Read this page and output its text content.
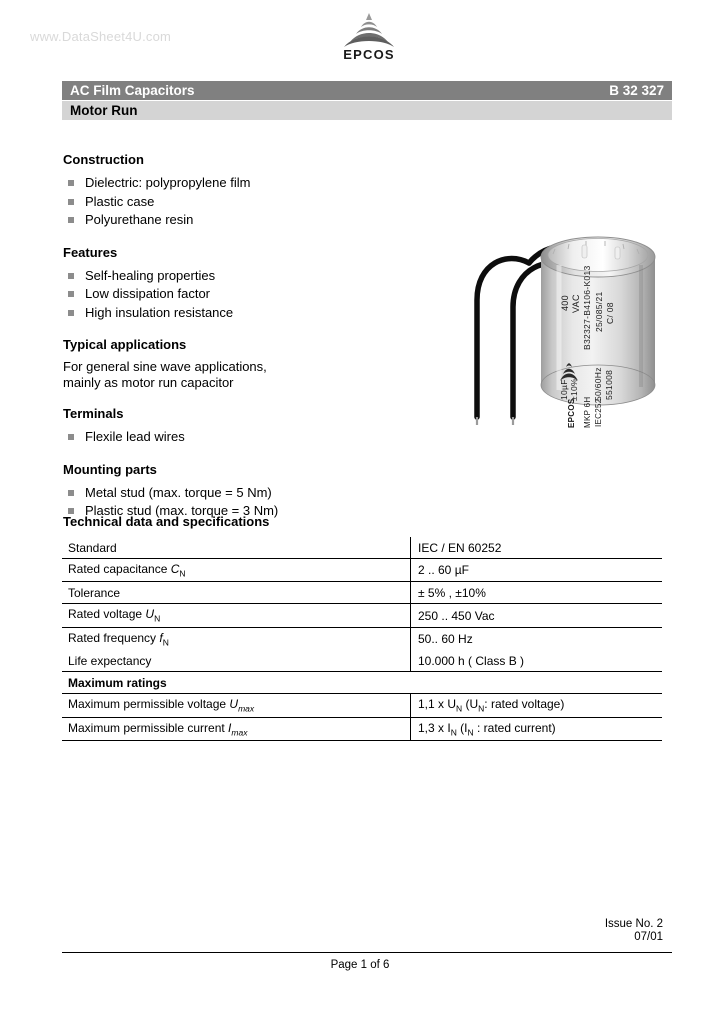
www.DataSheet4U.com
EPCOS
AC Film Capacitors	B 32 327
Motor Run
Construction
Dielectric: polypropylene film
Plastic case
Polyurethane resin
Features
Self-healing properties
Low dissipation factor
High insulation resistance
Typical applications
For general sine wave applications,
mainly as motor run capacitor
Terminals
Flexile lead wires
Mounting parts
Metal stud (max. torque = 5 Nm)
Plastic stud (max. torque = 3 Nm)
400 VAC B32327-B4106-K013 25/085/21 C/ 08
10µF ±10% 50/60Hz 551008
EPCOS MKP 6H IEC252
Technical data and specifications
Standard	IEC / EN 60252
Rated capacitance $C_N$	2 .. 60 µF
Tolerance	± 5% , ±10%
Rated voltage $U_N$	250 .. 450 Vac
Rated frequency $f_N$	50.. 60 Hz
Life expectancy	10.000 h ( Class B )
Maximum ratings	
Maximum permissible voltage $U_{max}$	1,1 x $U_N$ ($U_N$: rated voltage)
Maximum permissible current $I_{max}$	1,3 x $I_N$ ($I_N$ : rated current)
Issue No. 2
07/01
Page 1 of 6
